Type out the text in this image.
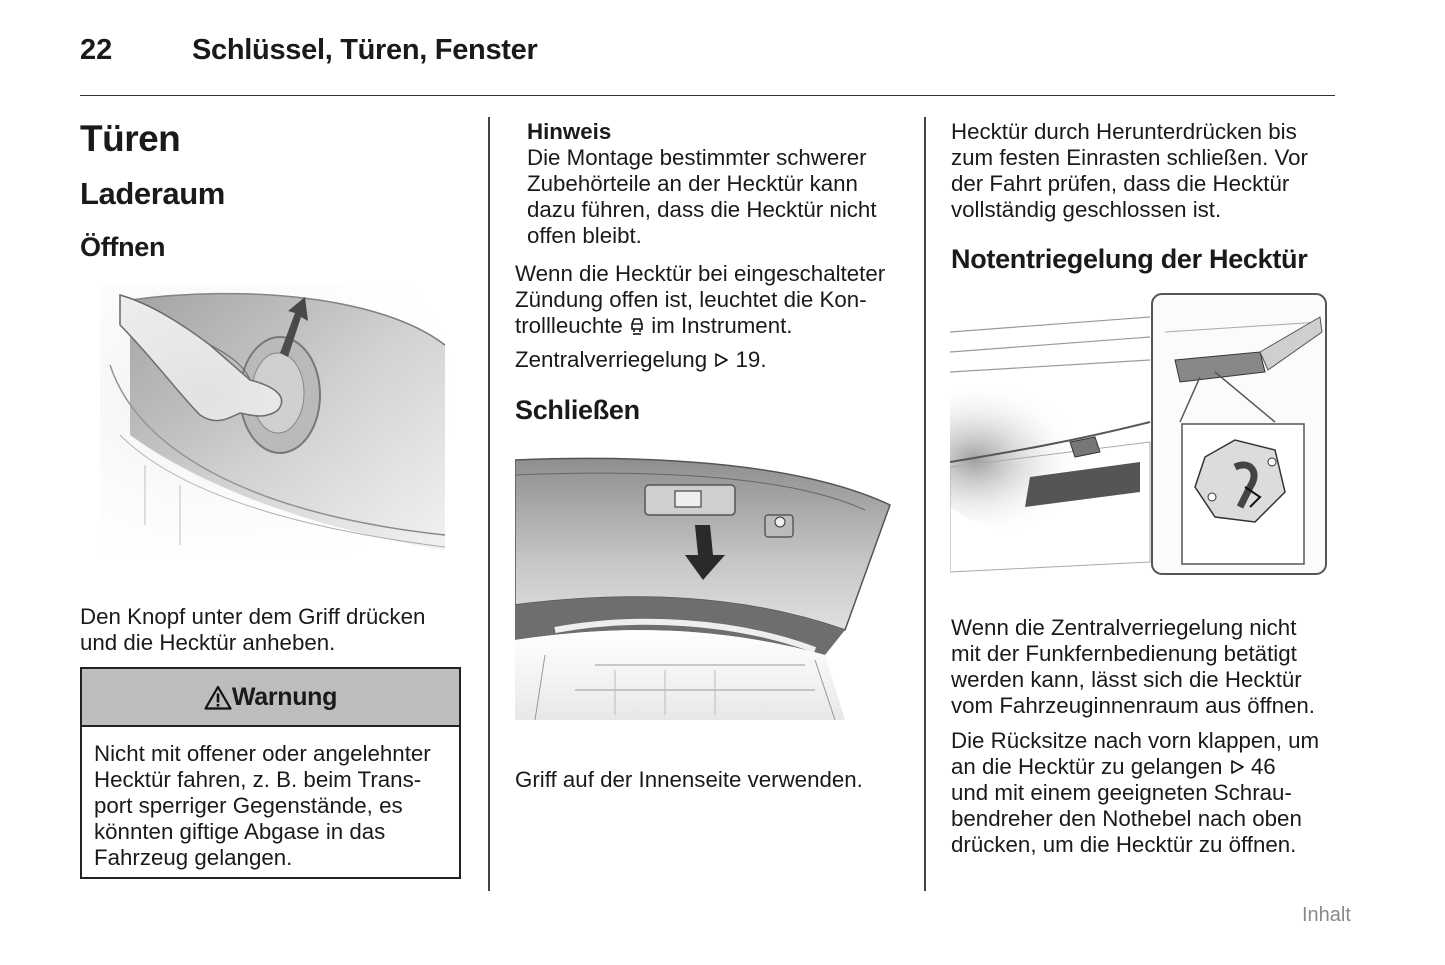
22	Schlüssel, Türen, Fenster
Türen
Laderaum
Öffnen

Den Knopf unter dem Griff drücken
und die Hecktür anheben.

Warnung

Nicht mit offener oder angelehnter
Hecktür fahren, z. B. beim Trans-
port sperriger Gegenstände, es
könnten giftige Abgase in das
Fahrzeug gelangen.

Hinweis

Die Montage bestimmter schwerer
Zubehörteile an der Hecktür kann
dazu führen, dass die Hecktür nicht
offen bleibt.

Wenn die Hecktür bei eingeschalteter
Zündung offen ist, leuchtet die Kon-
trollleuchte im Instrument.

Zentralverriegelung 19.

Schließen

Griff auf der Innenseite verwenden.

Hecktür durch Herunterdrücken bis
zum festen Einrasten schließen. Vor
der Fahrt prüfen, dass die Hecktür
vollständig geschlossen ist.

Notentriegelung der Hecktür

Wenn die Zentralverriegelung nicht
mit der Funkfernbedienung betätigt
werden kann, lässt sich die Hecktür
vom Fahrzeuginnenraum aus öffnen.

Die Rücksitze nach vorn klappen, um
an die Hecktür zu gelangen 46
und mit einem geeigneten Schrau-
bendreher den Nothebel nach oben
drücken, um die Hecktür zu öffnen.

Inhalt
